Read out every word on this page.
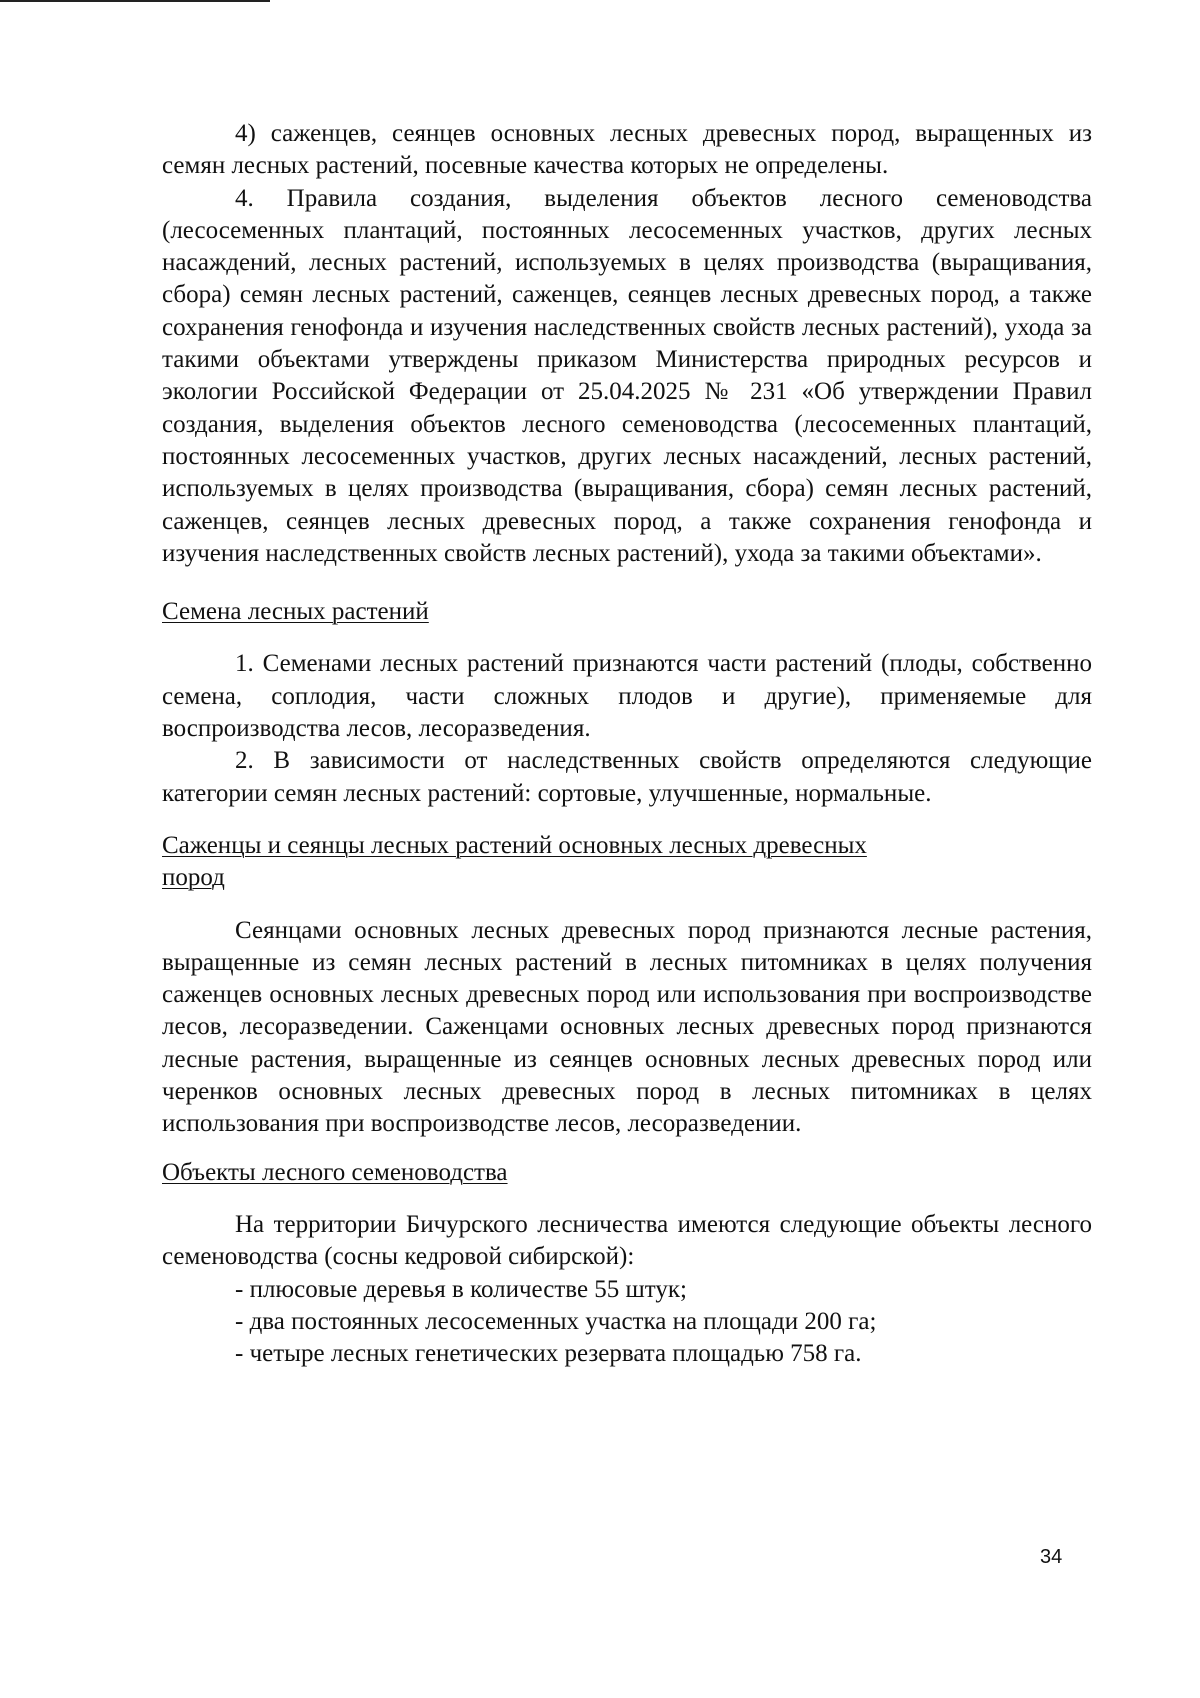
4) саженцев, сеянцев основных лесных древесных пород, выращенных из семян лесных растений, посевные качества которых не определены.

4. Правила создания, выделения объектов лесного семеноводства (лесосеменных плантаций, постоянных лесосеменных участков, других лесных насаждений, лесных растений, используемых в целях производства (выращивания, сбора) семян лесных растений, саженцев, сеянцев лесных древесных пород, а также сохранения генофонда и изучения наследственных свойств лесных растений), ухода за такими объектами утверждены приказом Министерства природных ресурсов и экологии Российской Федерации от 25.04.2025 № 231 «Об утверждении Правил создания, выделения объектов лесного семеноводства (лесосеменных плантаций, постоянных лесосеменных участков, других лесных насаждений, лесных растений, используемых в целях производства (выращивания, сбора) семян лесных растений, саженцев, сеянцев лесных древесных пород, а также сохранения генофонда и изучения наследственных свойств лесных растений), ухода за такими объектами».

Семена лесных растений

1. Семенами лесных растений признаются части растений (плоды, собственно семена, соплодия, части сложных плодов и другие), применяемые для воспроизводства лесов, лесоразведения.

2. В зависимости от наследственных свойств определяются следующие категории семян лесных растений: сортовые, улучшенные, нормальные.

Саженцы и сеянцы лесных растений основных лесных древесных

пород

Сеянцами основных лесных древесных пород признаются лесные растения, выращенные из семян лесных растений в лесных питомниках в целях получения саженцев основных лесных древесных пород или использования при воспроизводстве лесов, лесоразведении. Саженцами основных лесных древесных пород признаются лесные растения, выращенные из сеянцев основных лесных древесных пород или черенков основных лесных древесных пород в лесных питомниках в целях использования при воспроизводстве лесов, лесоразведении.

Объекты лесного семеноводства

На территории Бичурского лесничества имеются следующие объекты лесного семеноводства (сосны кедровой сибирской):

- плюсовые деревья в количестве 55 штук;

- два постоянных лесосеменных участка на площади 200 га;

- четыре лесных генетических резервата площадью 758 га.

34
